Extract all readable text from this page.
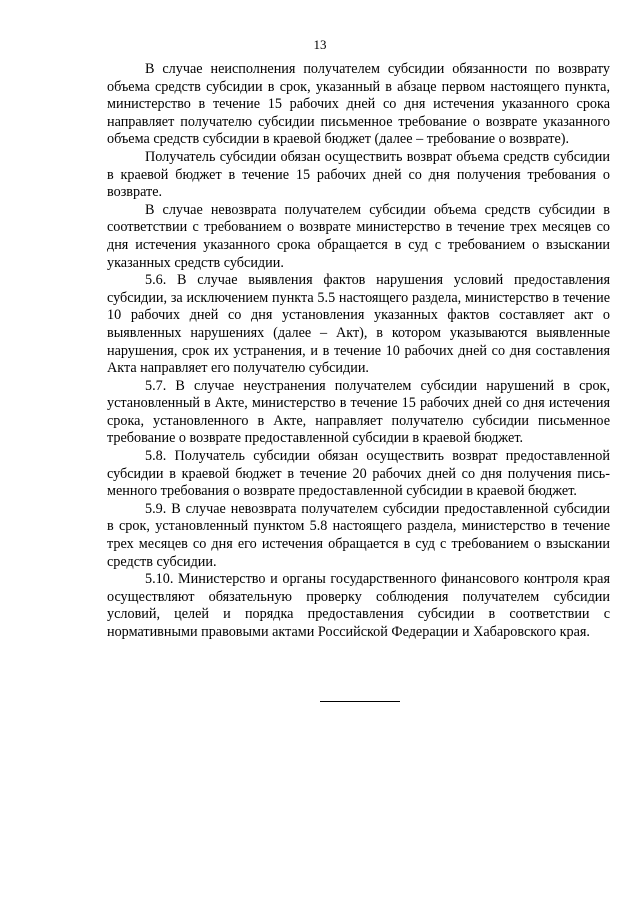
13

В случае неисполнения получателем субсидии обязанности по возврату объема средств субсидии в срок, указанный в абзаце первом настоящего пункта, министерство в течение 15 рабочих дней со дня истечения указанного срока направляет получателю субсидии письменное требование о возврате указанного объема средств субсидии в краевой бюджет (далее – требование о возврате).

Получатель субсидии обязан осуществить возврат объема средств субсидии в краевой бюджет в течение 15 рабочих дней со дня получения требования о возврате.

В случае невозврата получателем субсидии объема средств субсидии в соответствии с требованием о возврате министерство в течение трех месяцев со дня истечения указанного срока обращается в суд с требованием о взыскании указанных средств субсидии.

5.6. В случае выявления фактов нарушения условий предоставления субсидии, за исключением пункта 5.5 настоящего раздела, министерство в течение 10 рабочих дней со дня установления указанных фактов составляет акт о выявленных нарушениях (далее – Акт), в котором указываются выявленные нарушения, срок их устранения, и в течение 10 рабочих дней со дня составления Акта направляет его получателю субсидии.

5.7. В случае неустранения получателем субсидии нарушений в срок, установленный в Акте, министерство в течение 15 рабочих дней со дня истечения срока, установленного в Акте, направляет получателю субсидии письменное требование о возврате предоставленной субсидии в краевой бюджет.

5.8. Получатель субсидии обязан осуществить возврат предоставленной субсидии в краевой бюджет в течение 20 рабочих дней со дня получения письменного требования о возврате предоставленной субсидии в краевой бюджет.

5.9. В случае невозврата получателем субсидии предоставленной субсидии в срок, установленный пунктом 5.8 настоящего раздела, министерство в течение трех месяцев со дня его истечения обращается в суд с требованием о взыскании средств субсидии.

5.10. Министерство и органы государственного финансового контроля края осуществляют обязательную проверку соблюдения получателем субсидии условий, целей и порядка предоставления субсидии в соответствии с нормативными правовыми актами Российской Федерации и Хабаровского края.
